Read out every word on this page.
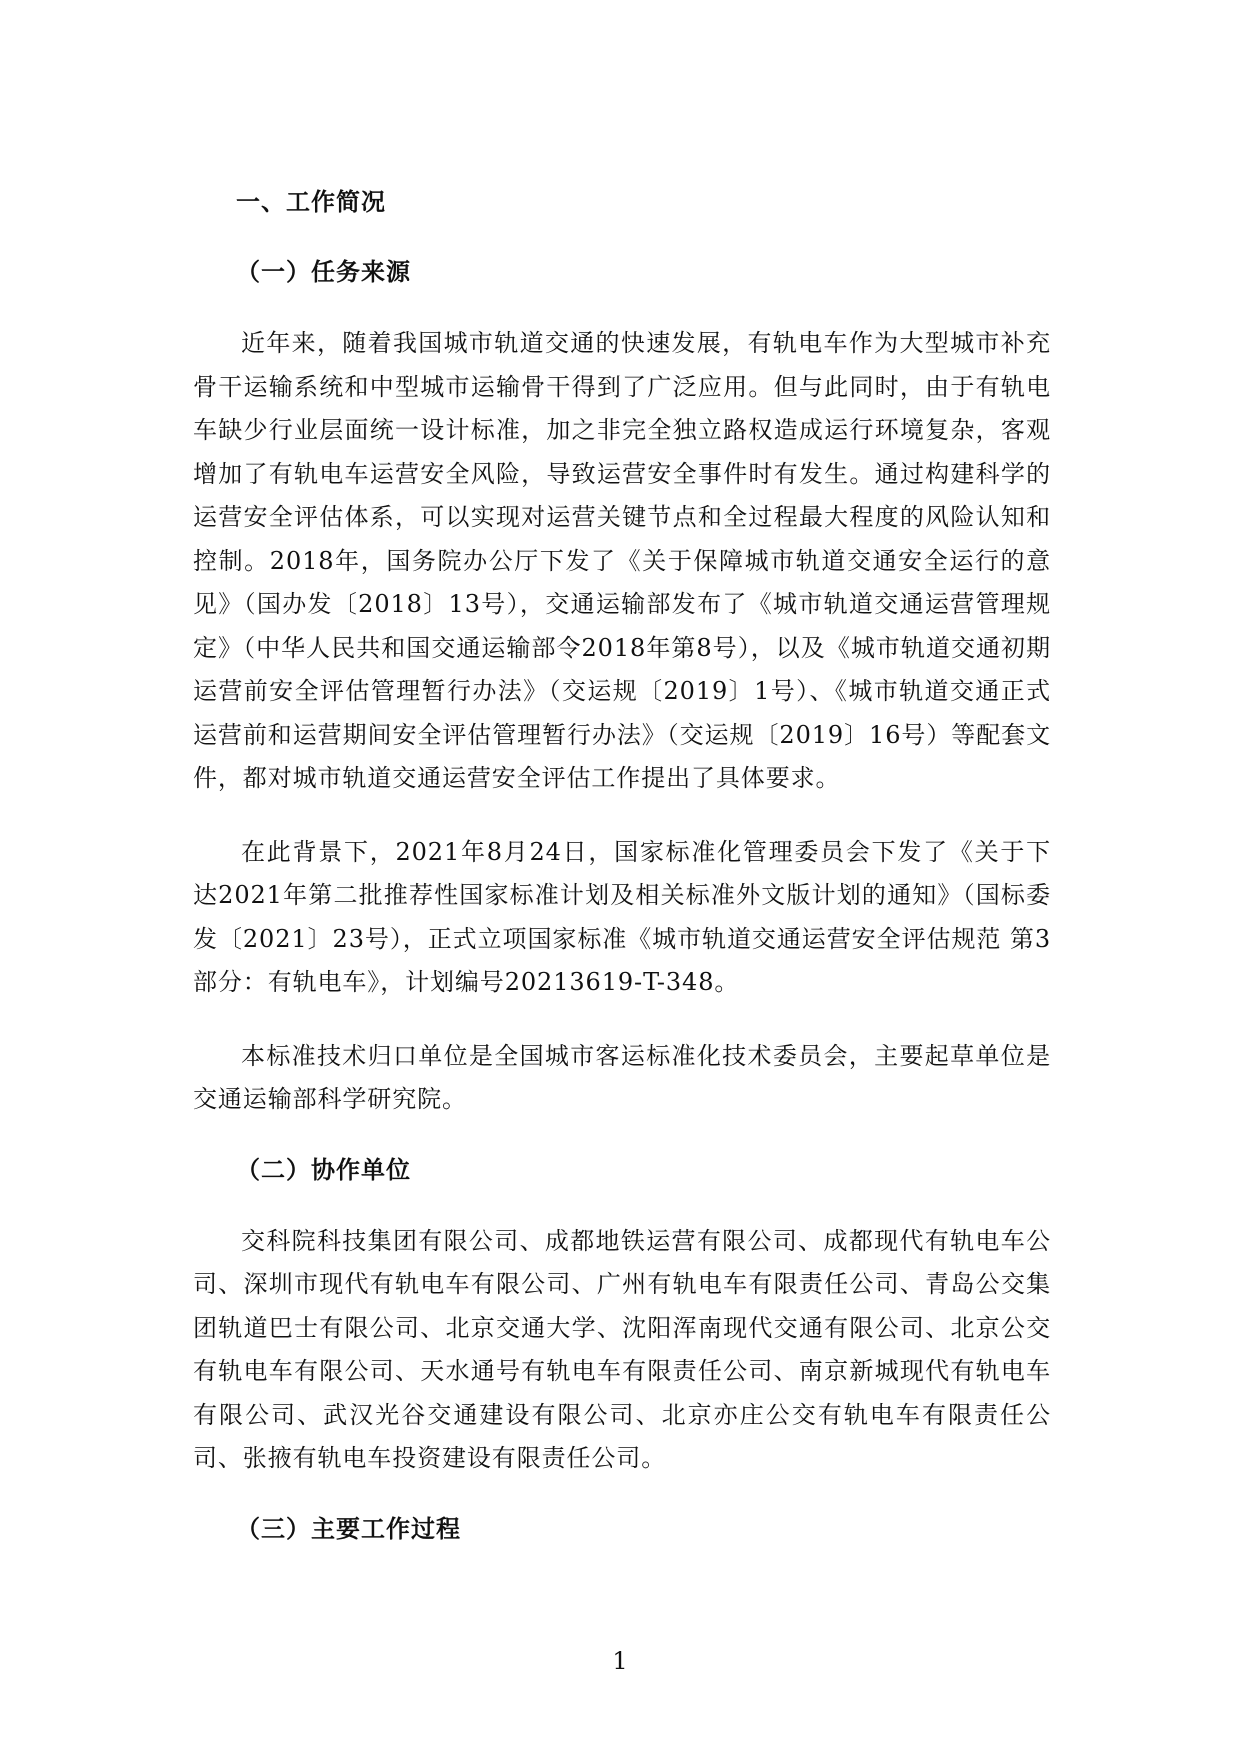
一、工作简况
（一）任务来源

近年来，随着我国城市轨道交通的快速发展，有轨电车作为大型城市补充骨干运输系统和中型城市运输骨干得到了广泛应用。但与此同时，由于有轨电车缺少行业层面统一设计标准，加之非完全独立路权造成运行环境复杂，客观增加了有轨电车运营安全风险，导致运营安全事件时有发生。通过构建科学的运营安全评估体系，可以实现对运营关键节点和全过程最大程度的风险认知和控制。2018年，国务院办公厅下发了《关于保障城市轨道交通安全运行的意见》（国办发〔2018〕13号），交通运输部发布了《城市轨道交通运营管理规定》（中华人民共和国交通运输部令2018年第8号），以及《城市轨道交通初期运营前安全评估管理暂行办法》（交运规〔2019〕1号）、《城市轨道交通正式运营前和运营期间安全评估管理暂行办法》（交运规〔2019〕16号）等配套文件，都对城市轨道交通运营安全评估工作提出了具体要求。

在此背景下，2021年8月24日，国家标准化管理委员会下发了《关于下达2021年第二批推荐性国家标准计划及相关标准外文版计划的通知》（国标委发〔2021〕23号），正式立项国家标准《城市轨道交通运营安全评估规范 第3部分：有轨电车》，计划编号20213619-T-348。

本标准技术归口单位是全国城市客运标准化技术委员会，主要起草单位是交通运输部科学研究院。

（二）协作单位

交科院科技集团有限公司、成都地铁运营有限公司、成都现代有轨电车公司、深圳市现代有轨电车有限公司、广州有轨电车有限责任公司、青岛公交集团轨道巴士有限公司、北京交通大学、沈阳浑南现代交通有限公司、北京公交有轨电车有限公司、天水通号有轨电车有限责任公司、南京新城现代有轨电车有限公司、武汉光谷交通建设有限公司、北京亦庄公交有轨电车有限责任公司、张掖有轨电车投资建设有限责任公司。

（三）主要工作过程
1
